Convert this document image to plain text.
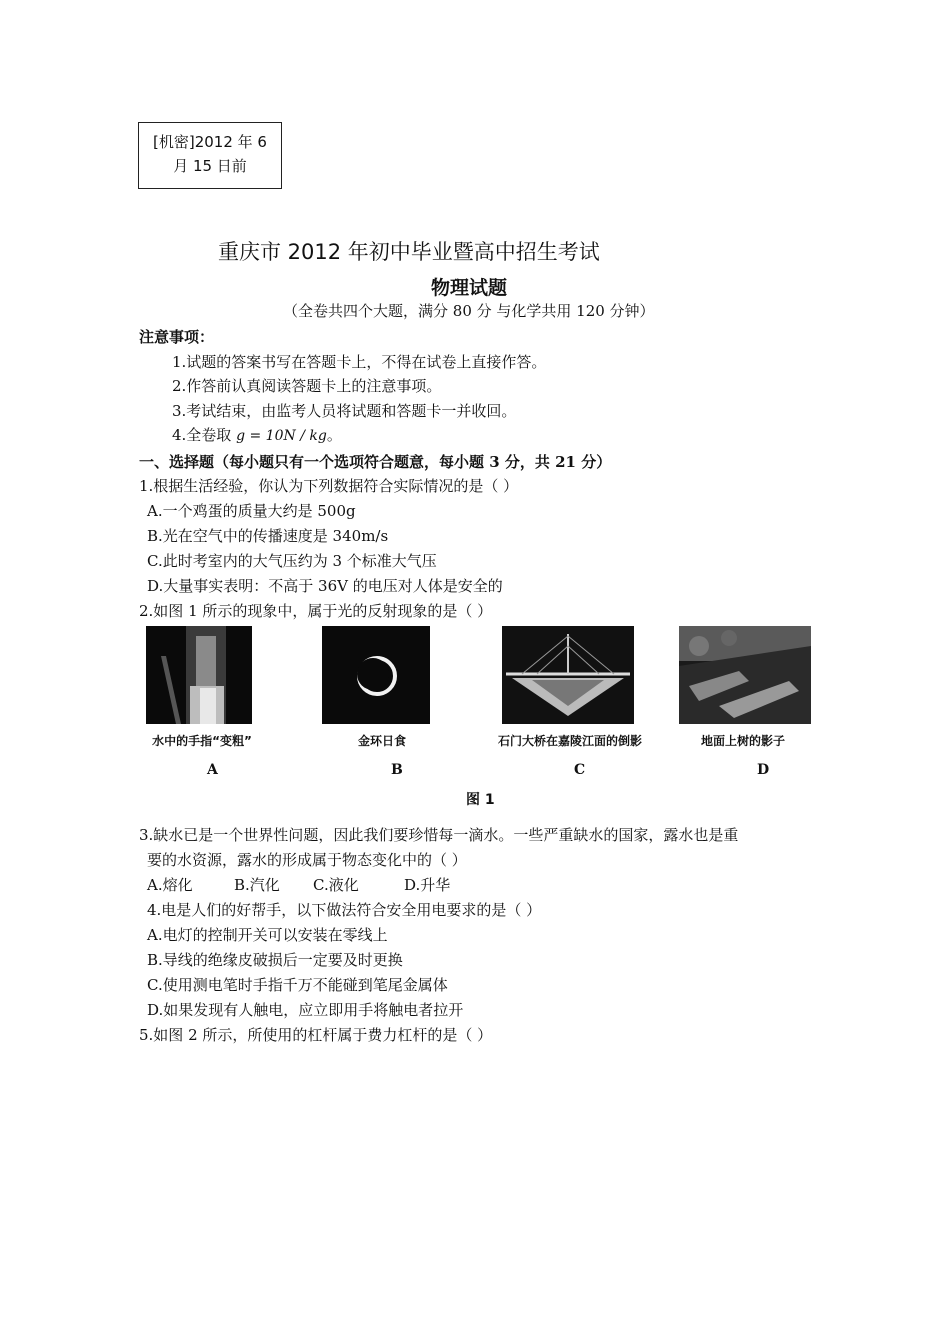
[机密]2012 年 6
月 15 日前
重庆市 2012 年初中毕业暨高中招生考试
物理试题
（全卷共四个大题，满分 80 分 与化学共用 120 分钟）
注意事项：
1.试题的答案书写在答题卡上，不得在试卷上直接作答。
2.作答前认真阅读答题卡上的注意事项。
3.考试结束，由监考人员将试题和答题卡一并收回。
4.全卷取 g = 10N / kg。
一、选择题（每小题只有一个选项符合题意，每小题 3 分，共 21 分）
1.根据生活经验，你认为下列数据符合实际情况的是（ ）
A.一个鸡蛋的质量大约是 500g
B.光在空气中的传播速度是 340m/s
C.此时考室内的大气压约为 3 个标准大气压
D.大量事实表明：不高于 36V 的电压对人体是安全的
2.如图 1 所示的现象中，属于光的反射现象的是（ ）
水中的手指“变粗”	金环日食	石门大桥在嘉陵江面的倒影	地面上树的影子
A	B	C	D
图 1
3.缺水已是一个世界性问题，因此我们要珍惜每一滴水。一些严重缺水的国家，露水也是重
要的水资源，露水的形成属于物态变化中的（ ）
A.熔化	B.汽化 C.液化	D.升华
4.电是人们的好帮手，以下做法符合安全用电要求的是（ ）
A.电灯的控制开关可以安装在零线上
B.导线的绝缘皮破损后一定要及时更换
C.使用测电笔时手指千万不能碰到笔尾金属体
D.如果发现有人触电，应立即用手将触电者拉开
5.如图 2 所示，所使用的杠杆属于费力杠杆的是（ ）
